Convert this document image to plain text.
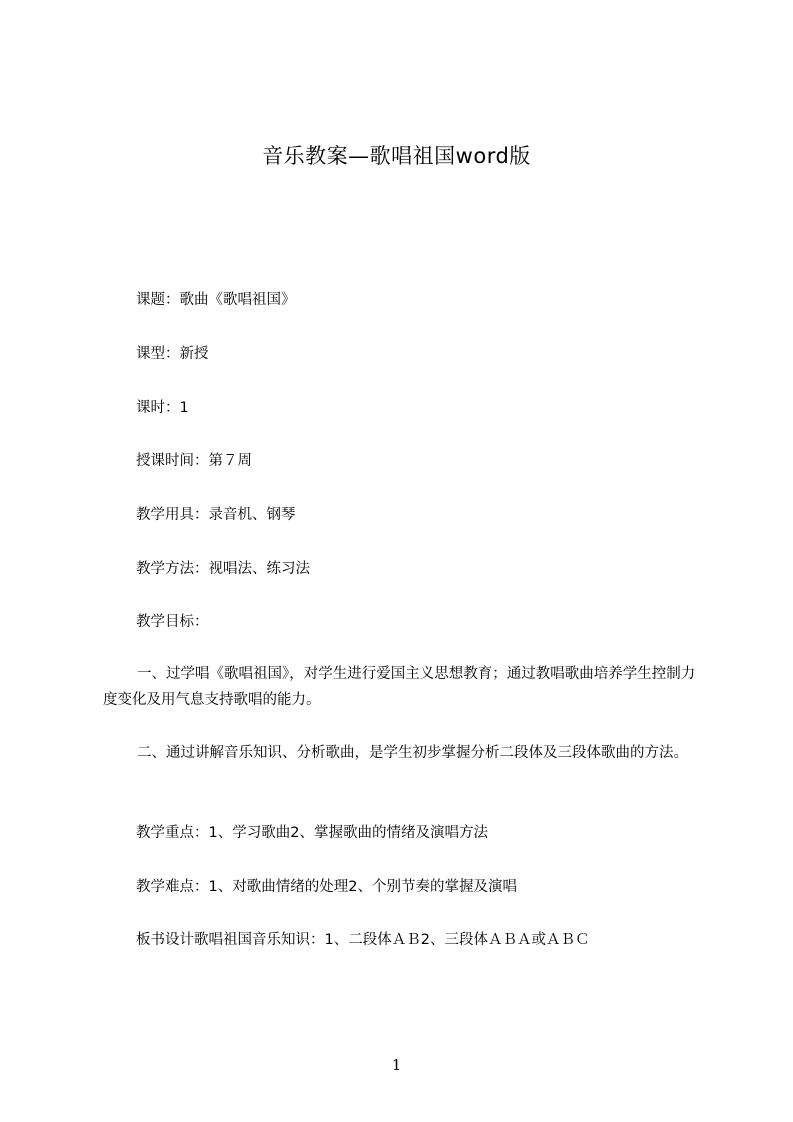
音乐教案—歌唱祖国word版
课题：歌曲《歌唱祖国》
课型：新授
课时：1
授课时间：第７周
教学用具：录音机、钢琴
教学方法：视唱法、练习法
教学目标：
一、过学唱《歌唱祖国》，对学生进行爱国主义思想教育；通过教唱歌曲培养学生控制力度变化及用气息支持歌唱的能力。
二、通过讲解音乐知识、分析歌曲，是学生初步掌握分析二段体及三段体歌曲的方法。
教学重点：1、学习歌曲2、掌握歌曲的情绪及演唱方法
教学难点：1、对歌曲情绪的处理2、个别节奏的掌握及演唱
板书设计歌唱祖国音乐知识：1、二段体ＡＢ2、三段体ＡＢＡ或ＡＢＣ
1
